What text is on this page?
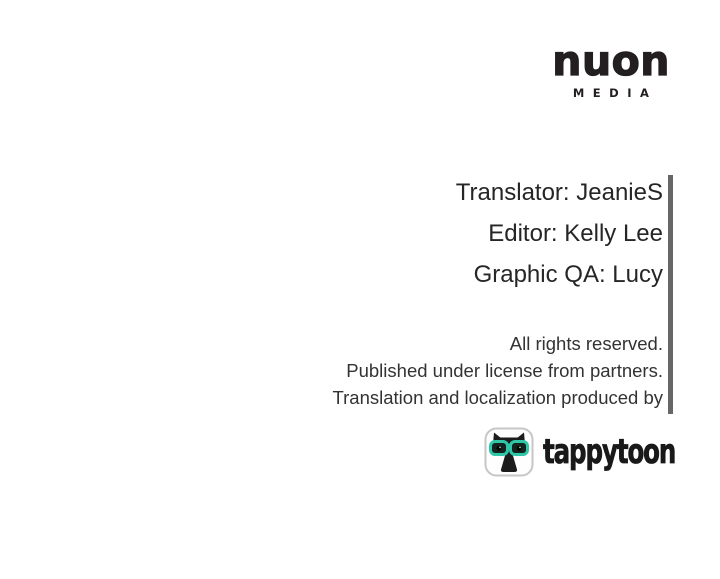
nuon
MEDIA
Translator: JeanieS
Editor: Kelly Lee
Graphic QA: Lucy
All rights reserved.
Published under license from partners.
Translation and localization produced by
tappytoon
